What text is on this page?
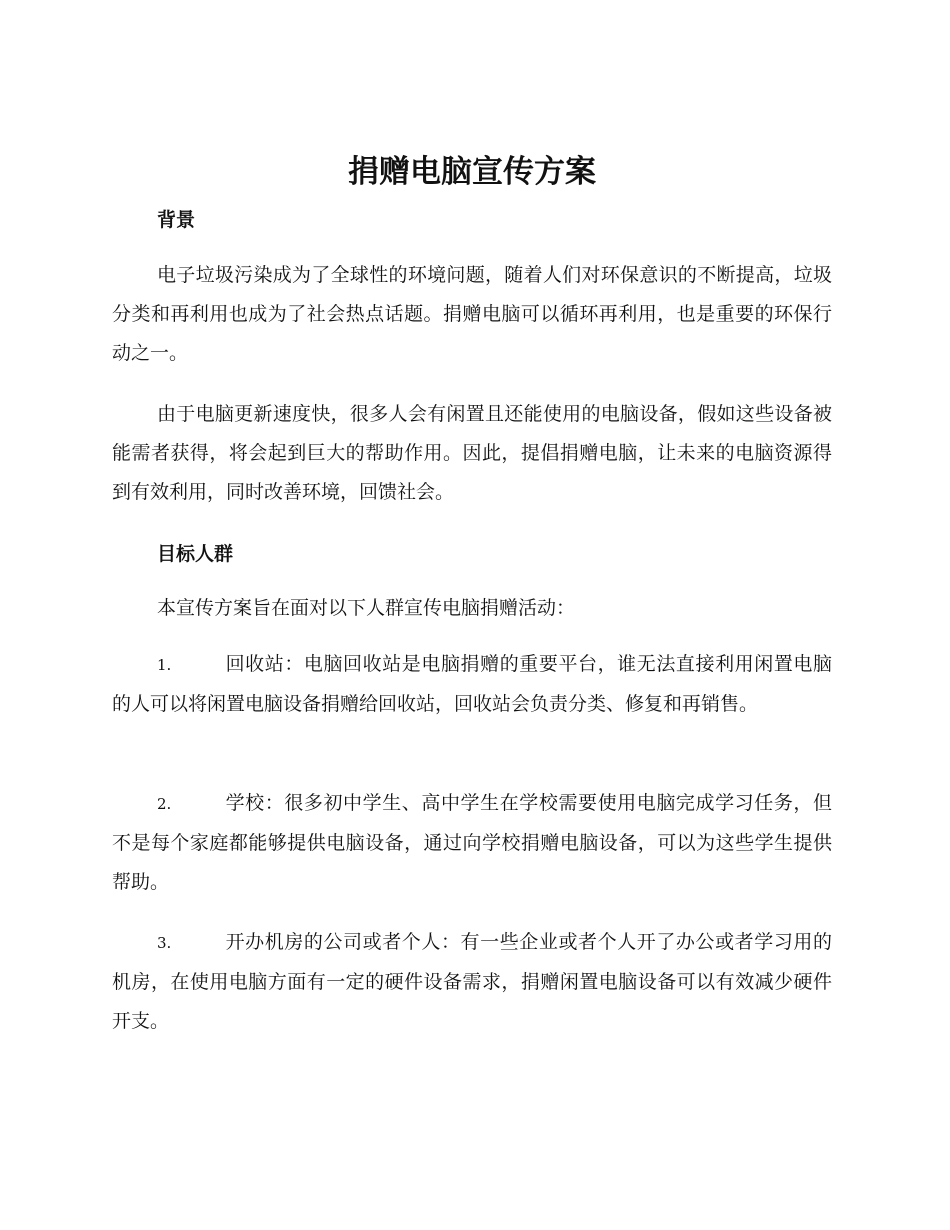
捐赠电脑宣传方案
背景

电子垃圾污染成为了全球性的环境问题，随着人们对环保意识的不断提高，垃圾分类和再利用也成为了社会热点话题。捐赠电脑可以循环再利用，也是重要的环保行动之一。

由于电脑更新速度快，很多人会有闲置且还能使用的电脑设备，假如这些设备被能需者获得，将会起到巨大的帮助作用。因此，提倡捐赠电脑，让未来的电脑资源得到有效利用，同时改善环境，回馈社会。

目标人群
本宣传方案旨在面对以下人群宣传电脑捐赠活动：

1.	回收站：电脑回收站是电脑捐赠的重要平台，谁无法直接利用闲置电脑的人可以将闲置电脑设备捐赠给回收站，回收站会负责分类、修复和再销售。

2.	学校：很多初中学生、高中学生在学校需要使用电脑完成学习任务，但不是每个家庭都能够提供电脑设备，通过向学校捐赠电脑设备，可以为这些学生提供帮助。

3.	开办机房的公司或者个人：有一些企业或者个人开了办公或者学习用的机房，在使用电脑方面有一定的硬件设备需求，捐赠闲置电脑设备可以有效减少硬件开支。
